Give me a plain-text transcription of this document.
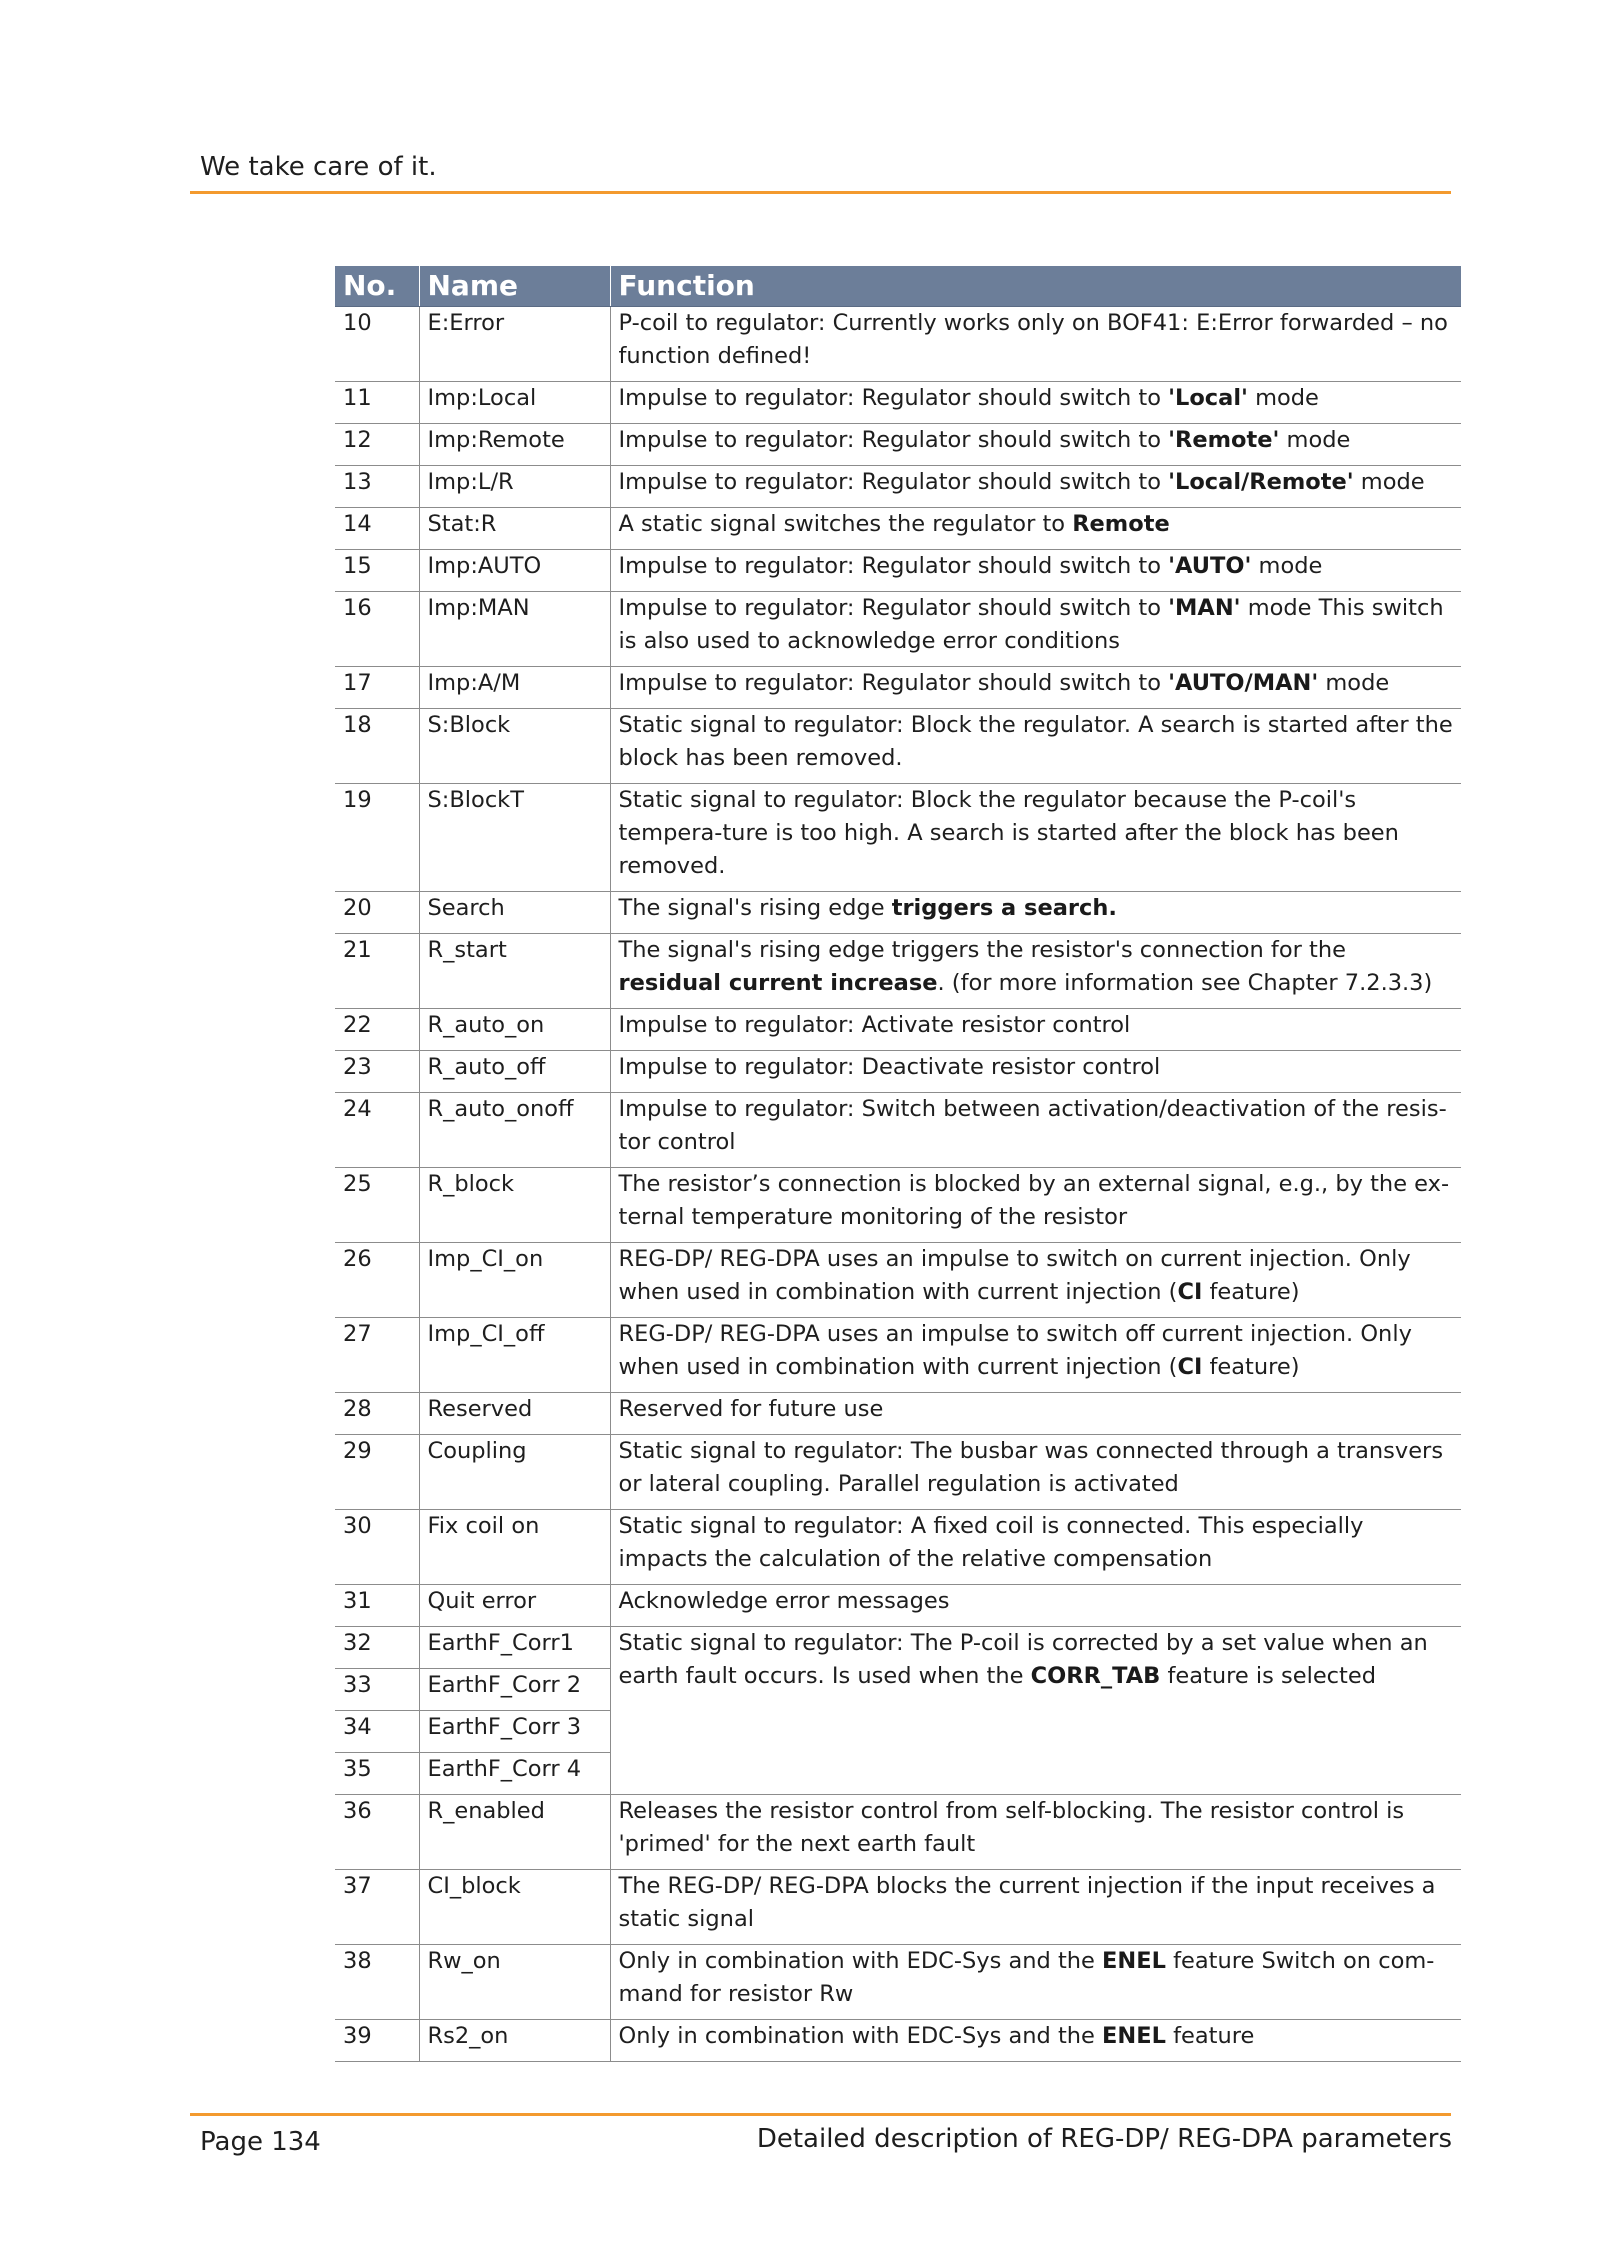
We take care of it.
No.	Name	Function
10	E:Error	P-coil to regulator: Currently works only on BOF41: E:Error forwarded – no function defined!
11	Imp:Local	Impulse to regulator: Regulator should switch to 'Local' mode
12	Imp:Remote	Impulse to regulator: Regulator should switch to 'Remote' mode
13	Imp:L/R	Impulse to regulator: Regulator should switch to 'Local/Remote' mode
14	Stat:R	A static signal switches the regulator to Remote
15	Imp:AUTO	Impulse to regulator: Regulator should switch to 'AUTO' mode
16	Imp:MAN	Impulse to regulator: Regulator should switch to 'MAN' mode This switch is also used to acknowledge error conditions
17	Imp:A/M	Impulse to regulator: Regulator should switch to 'AUTO/MAN' mode
18	S:Block	Static signal to regulator: Block the regulator. A search is started after the block has been removed.
19	S:BlockT	Static signal to regulator: Block the regulator because the P-coil's tempera-ture is too high. A search is started after the block has been removed.
20	Search	The signal's rising edge triggers a search.
21	R_start	The signal's rising edge triggers the resistor's connection for the residual current increase. (for more information see Chapter 7.2.3.3)
22	R_auto_on	Impulse to regulator: Activate resistor control
23	R_auto_off	Impulse to regulator: Deactivate resistor control
24	R_auto_onoff	Impulse to regulator: Switch between activation/deactivation of the resis-tor control
25	R_block	The resistor’s connection is blocked by an external signal, e.g., by the ex-ternal temperature monitoring of the resistor
26	Imp_CI_on	REG-DP/ REG-DPA uses an impulse to switch on current injection. Only when used in combination with current injection (CI feature)
27	Imp_CI_off	REG-DP/ REG-DPA uses an impulse to switch off current injection. Only when used in combination with current injection (CI feature)
28	Reserved	Reserved for future use
29	Coupling	Static signal to regulator: The busbar was connected through a transvers or lateral coupling. Parallel regulation is activated
30	Fix coil on	Static signal to regulator: A fixed coil is connected. This especially impacts the calculation of the relative compensation
31	Quit error	Acknowledge error messages
32	EarthF_Corr1	Static signal to regulator: The P-coil is corrected by a set value when an earth fault occurs. Is used when the CORR_TAB feature is selected
33	EarthF_Corr 2	
34	EarthF_Corr 3	
35	EarthF_Corr 4	
36	R_enabled	Releases the resistor control from self-blocking. The resistor control is 'primed' for the next earth fault
37	CI_block	The REG-DP/ REG-DPA blocks the current injection if the input receives a static signal
38	Rw_on	Only in combination with EDC-Sys and the ENEL feature Switch on com-mand for resistor Rw
39	Rs2_on	Only in combination with EDC-Sys and the ENEL feature
Page 134	Detailed description of REG-DP/ REG-DPA parameters
